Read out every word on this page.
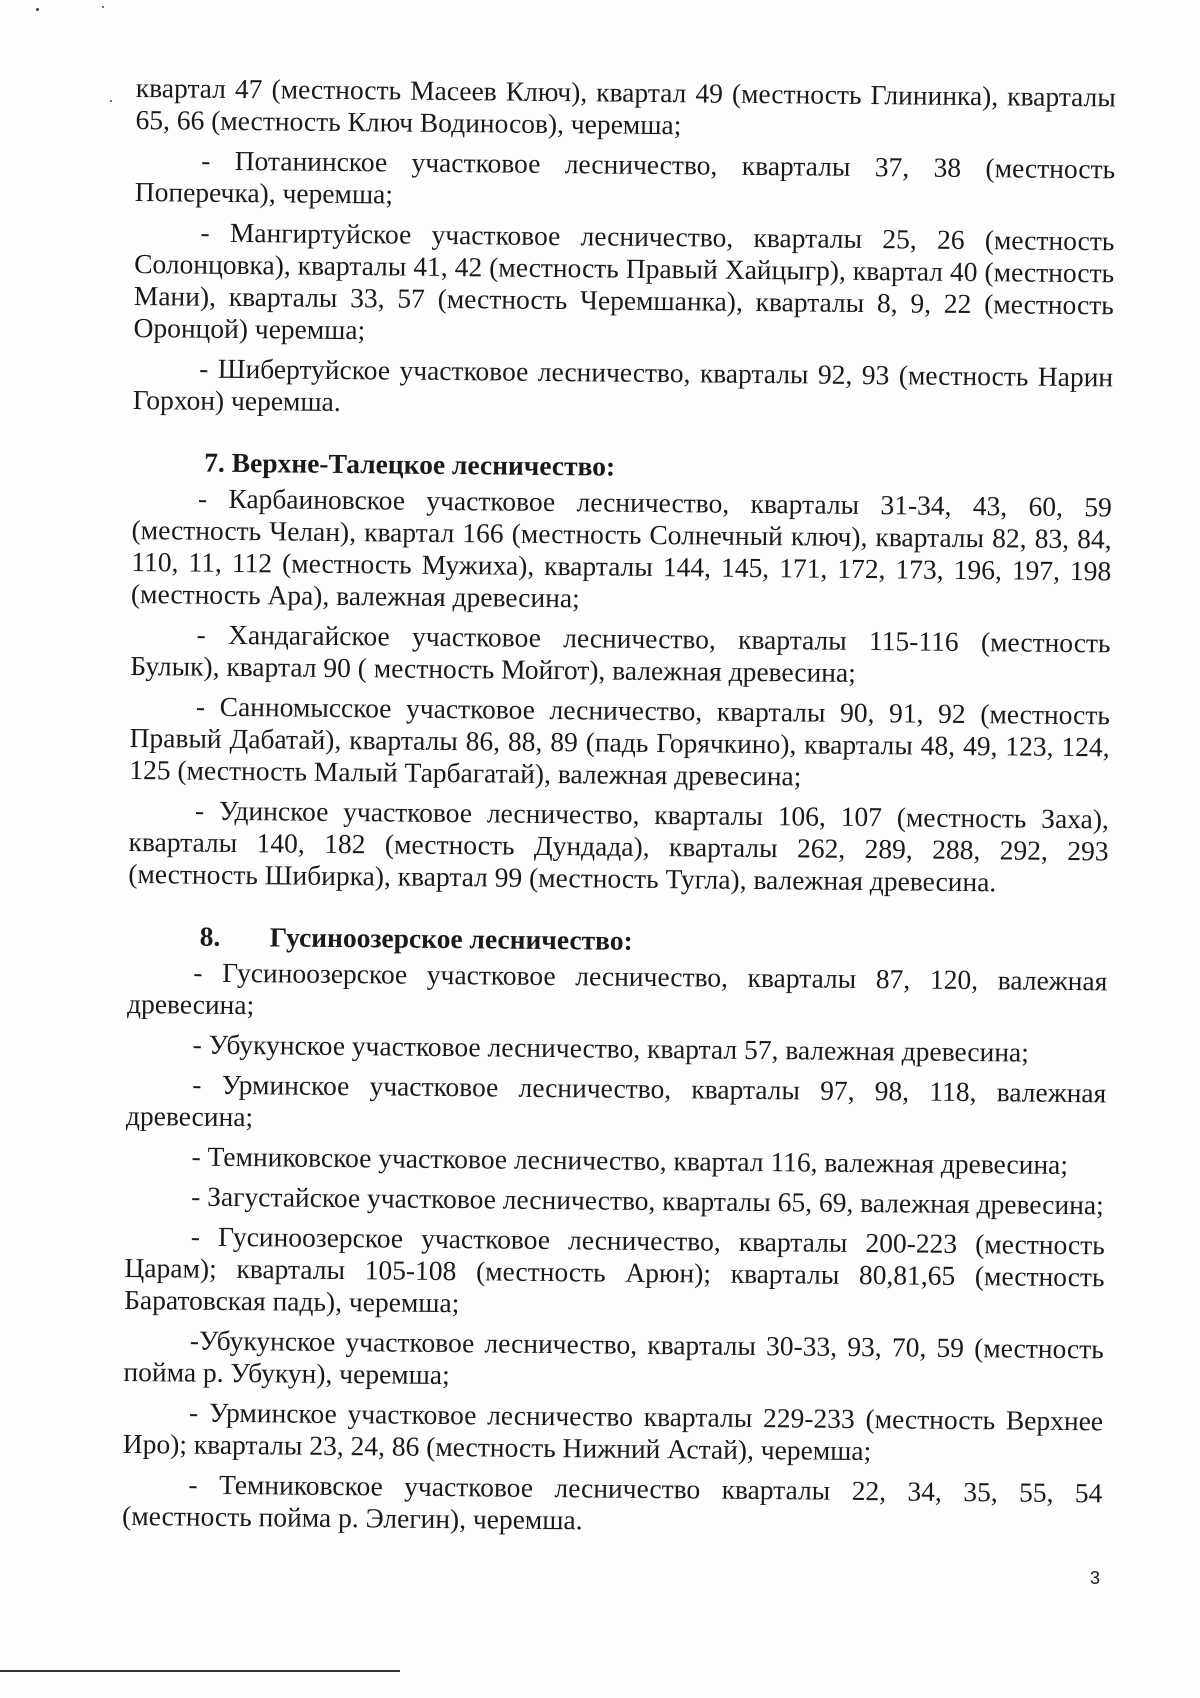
квартал 47 (местность Масеев Ключ), квартал 49 (местность Глининка), кварталы 65, 66 (местность Ключ Водиносов), черемша;

- Потанинское участковое лесничество, кварталы 37, 38 (местность Поперечка), черемша;

- Мангиртуйское участковое лесничество, кварталы 25, 26 (местность Солонцовка), кварталы 41, 42 (местность Правый Хайцыгр), квартал 40 (местность Мани), кварталы 33, 57 (местность Черемшанка), кварталы 8, 9, 22 (местность Оронцой) черемша;

- Шибертуйское участковое лесничество, кварталы 92, 93 (местность Нарин Горхон) черемша.

7. Верхне-Талецкое лесничество:

- Карбаиновское участковое лесничество, кварталы 31-34, 43, 60, 59 (местность Челан), квартал 166 (местность Солнечный ключ), кварталы 82, 83, 84, 110, 11, 112 (местность Мужиха), кварталы 144, 145, 171, 172, 173, 196, 197, 198 (местность Ара), валежная древесина;

- Хандагайское участковое лесничество, кварталы 115-116 (местность Булык), квартал 90 ( местность Мойгот), валежная древесина;

- Санномысское участковое лесничество, кварталы 90, 91, 92 (местность Правый Дабатай), кварталы 86, 88, 89 (падь Горячкино), кварталы 48, 49, 123, 124, 125 (местность Малый Тарбагатай), валежная древесина;

- Удинское участковое лесничество, кварталы 106, 107 (местность Заха), кварталы 140, 182 (местность Дундада), кварталы 262, 289, 288, 292, 293 (местность Шибирка), квартал 99 (местность Тугла), валежная древесина.

8. Гусиноозерское лесничество:

- Гусиноозерское участковое лесничество, кварталы 87, 120, валежная древесина;

- Убукунское участковое лесничество, квартал 57, валежная древесина;

- Урминское участковое лесничество, кварталы 97, 98, 118, валежная древесина;

- Темниковское участковое лесничество, квартал 116, валежная древесина;

- Загустайское участковое лесничество, кварталы 65, 69, валежная древесина;

- Гусиноозерское участковое лесничество, кварталы 200-223 (местность Царам); кварталы 105-108 (местность Арюн); кварталы 80,81,65 (местность Баратовская падь), черемша;

-Убукунское участковое лесничество, кварталы 30-33, 93, 70, 59 (местность пойма р. Убукун), черемша;

- Урминское участковое лесничество кварталы 229-233 (местность Верхнее Иро); кварталы 23, 24, 86 (местность Нижний Астай), черемша;

- Темниковское участковое лесничество кварталы 22, 34, 35, 55, 54 (местность пойма р. Элегин), черемша.

3
